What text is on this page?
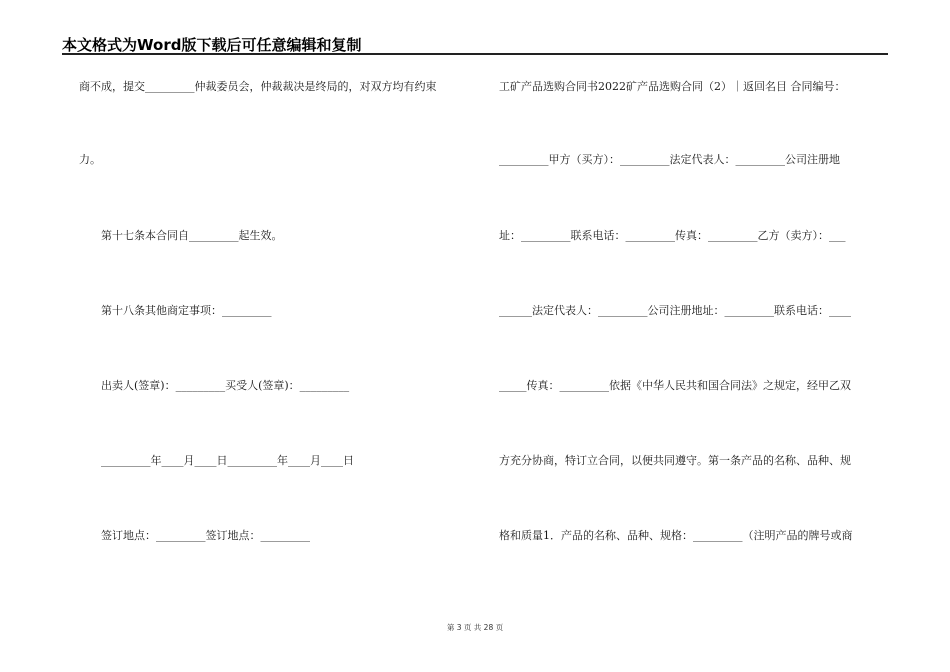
本文格式为Word版下载后可任意编辑和复制
商不成，提交_________仲裁委员会，仲裁裁决是终局的，对双方均有约束
力。
第十七条本合同自_________起生效。
第十八条其他商定事项：_________
出卖人(签章)：_________买受人(签章)：_________
_________年____月____日_________年____月____日
签订地点：_________签订地点：_________
工矿产品选购合同书2022矿产品选购合同（2）｜返回名目 合同编号：
_________甲方（买方）：_________法定代表人：_________公司注册地
址：_________联系电话：_________传真：_________乙方（卖方）：___
______法定代表人：_________公司注册地址：_________联系电话：____
_____传真：_________依据《中华人民共和国合同法》之规定，经甲乙双
方充分协商，特订立合同，以便共同遵守。第一条产品的名称、品种、规
格和质量1．产品的名称、品种、规格：_________（注明产品的牌号或商
第 3 页 共 28 页
